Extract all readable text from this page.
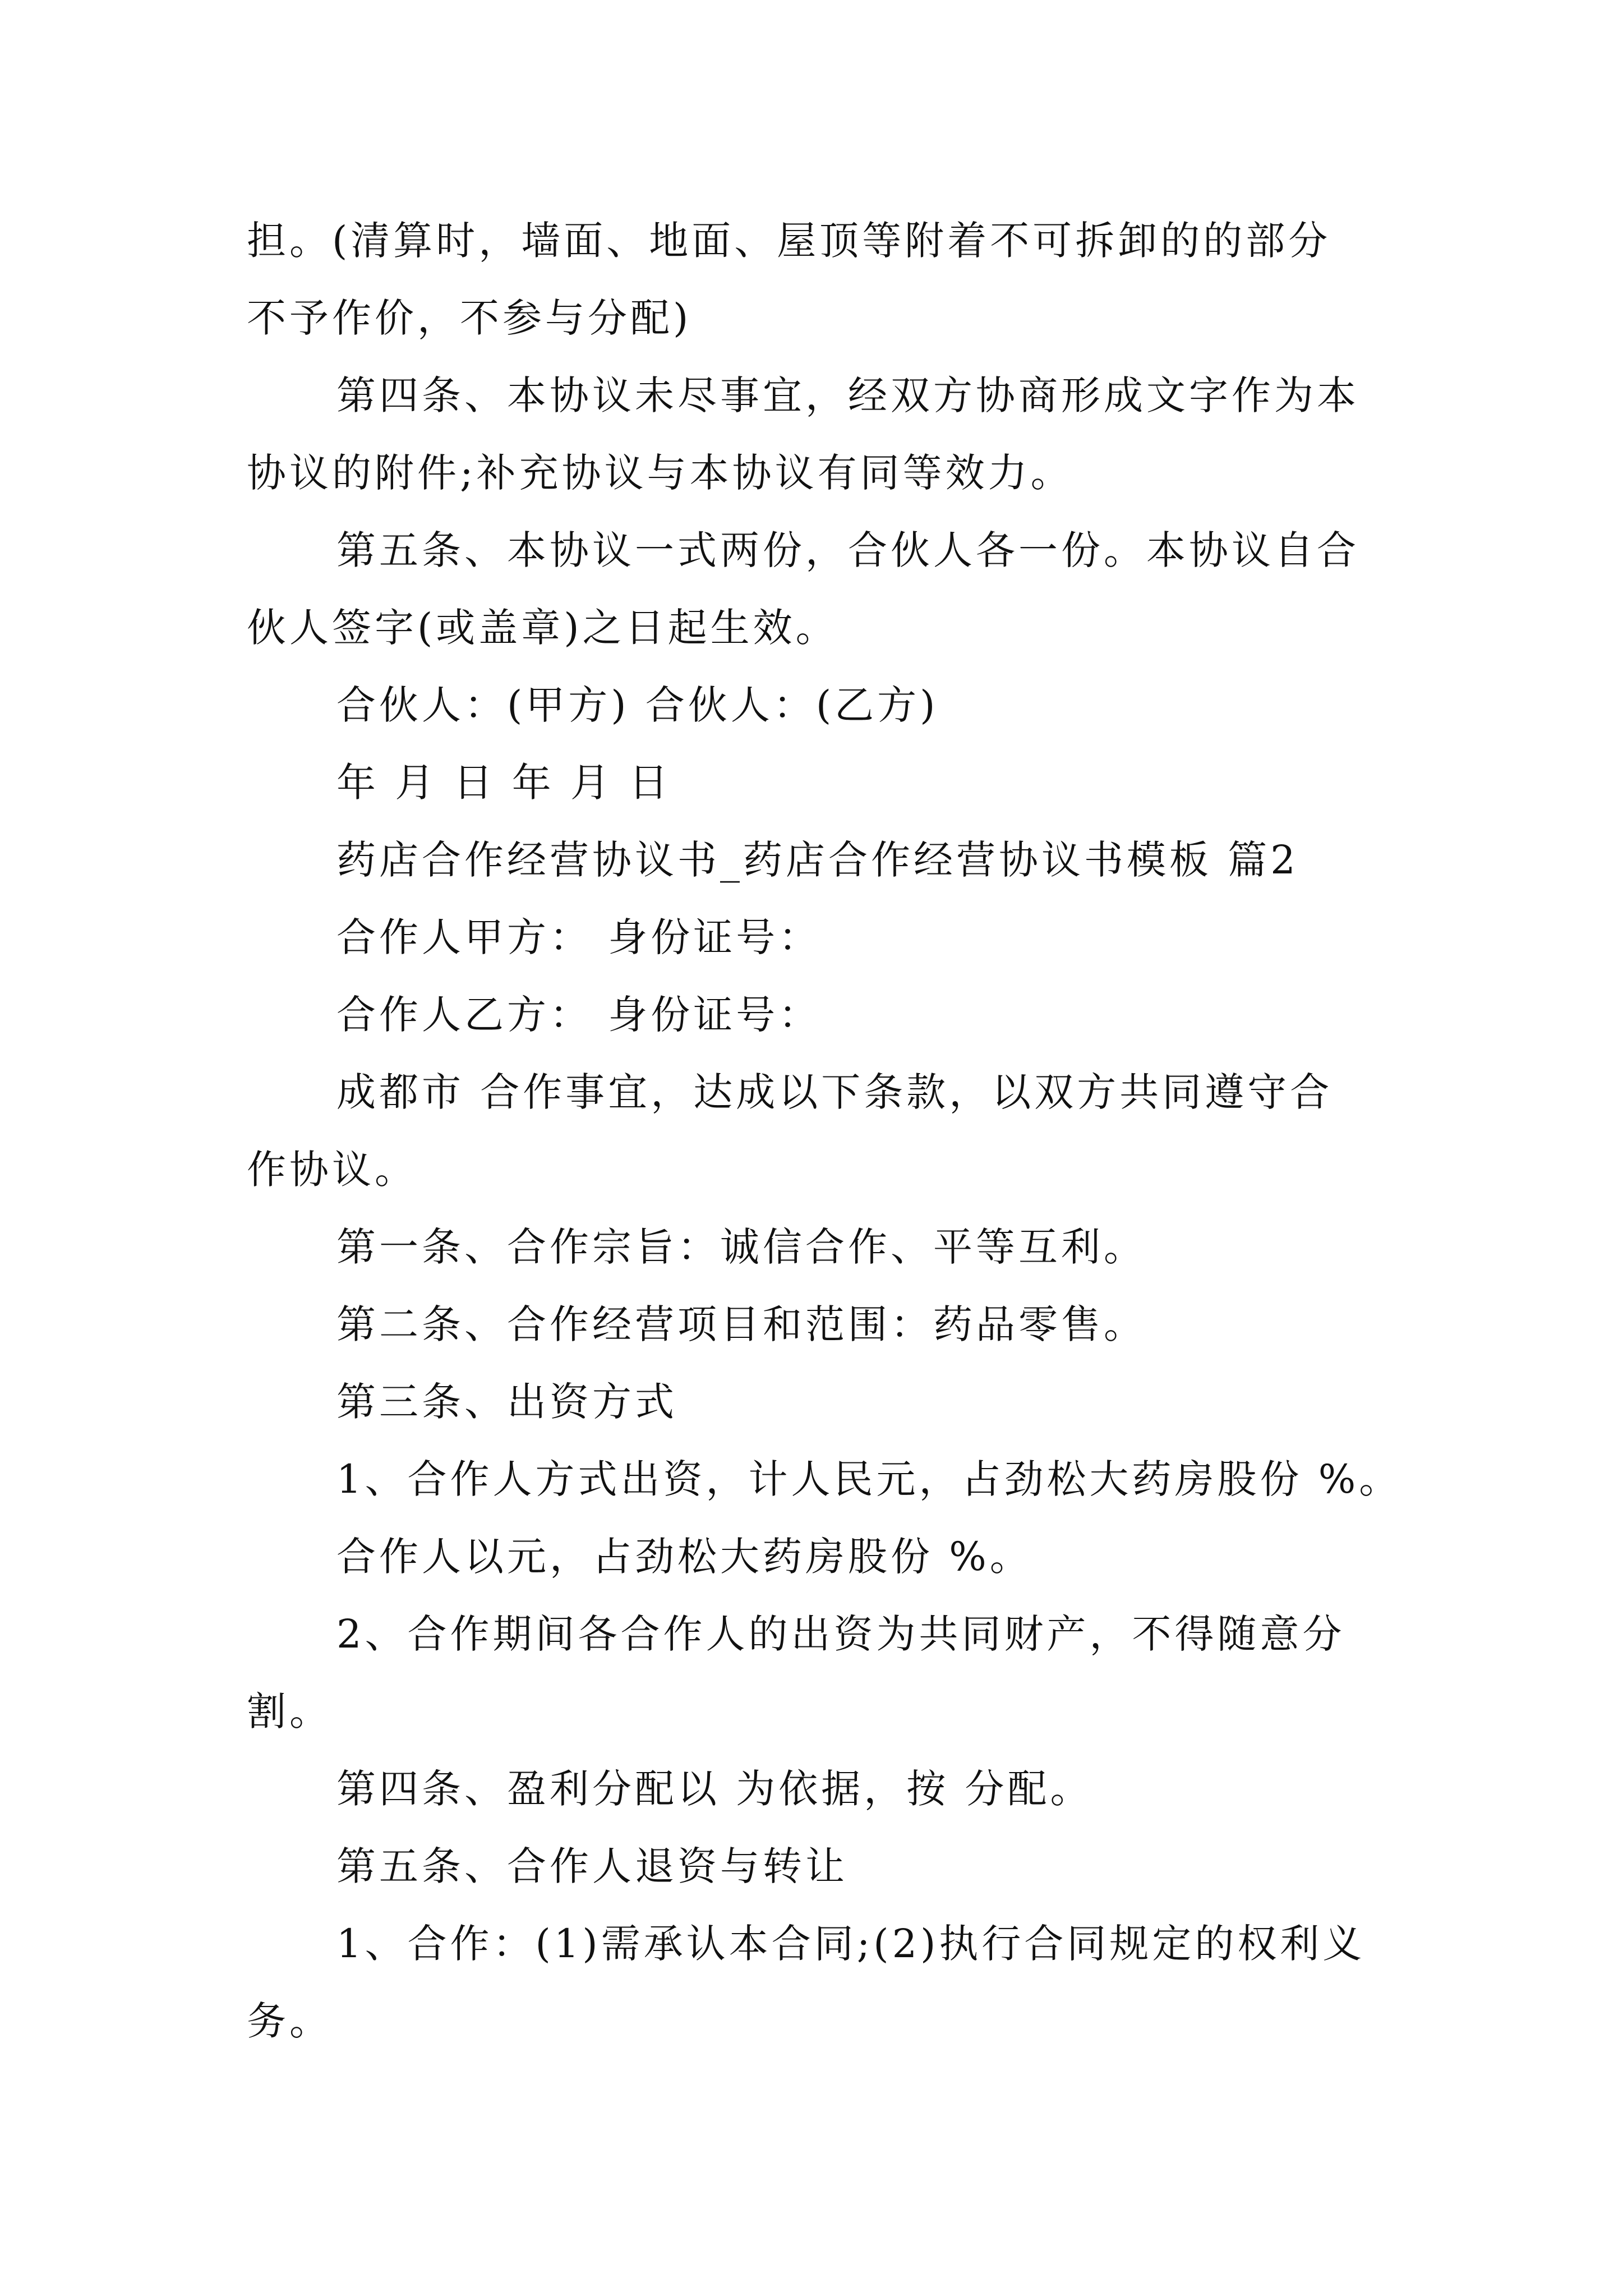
担。(清算时，墙面、地面、屋顶等附着不可拆卸的的部分
不予作价，不参与分配)
第四条、本协议未尽事宜，经双方协商形成文字作为本
协议的附件;补充协议与本协议有同等效力。
第五条、本协议一式两份，合伙人各一份。本协议自合
伙人签字(或盖章)之日起生效。
合伙人：(甲方) 合伙人：(乙方)
年 月 日 年 月 日
药店合作经营协议书_药店合作经营协议书模板 篇2
合作人甲方： 身份证号：
合作人乙方： 身份证号：
成都市 合作事宜，达成以下条款，以双方共同遵守合
作协议。
第一条、合作宗旨：诚信合作、平等互利。
第二条、合作经营项目和范围：药品零售。
第三条、出资方式
1、合作人方式出资，计人民元，占劲松大药房股份 %。
合作人以元，占劲松大药房股份 %。
2、合作期间各合作人的出资为共同财产，不得随意分
割。
第四条、盈利分配以 为依据，按 分配。
第五条、合作人退资与转让
1、合作：(1)需承认本合同;(2)执行合同规定的权利义
务。
